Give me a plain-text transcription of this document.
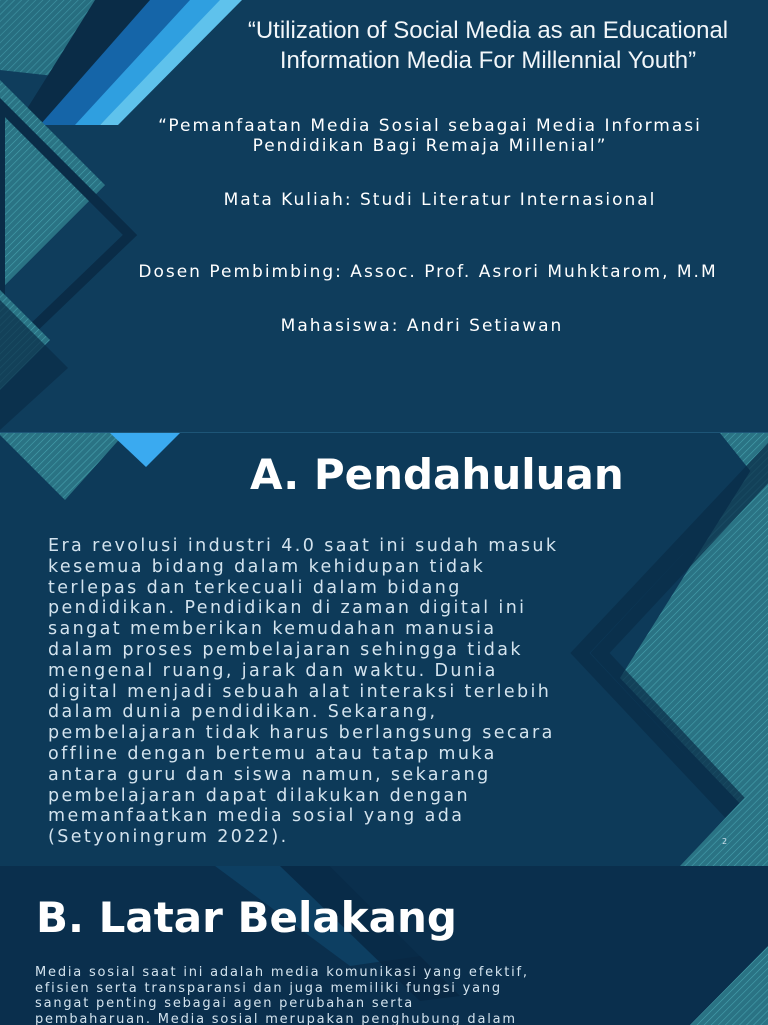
“Utilization of Social Media as an Educational Information Media For Millennial Youth”

“Pemanfaatan Media Sosial sebagai Media Informasi
Pendidikan Bagi Remaja Millenial”

Mata Kuliah: Studi Literatur Internasional

Dosen Pembimbing: Assoc. Prof. Asrori Muhktarom, M.M

Mahasiswa: Andri Setiawan

A. Pendahuluan

Era revolusi industri 4.0 saat ini sudah masuk
kesemua bidang dalam kehidupan tidak
terlepas dan terkecuali dalam bidang
pendidikan. Pendidikan di zaman digital ini
sangat memberikan kemudahan manusia
dalam proses pembelajaran sehingga tidak
mengenal ruang, jarak dan waktu. Dunia
digital menjadi sebuah alat interaksi terlebih
dalam dunia pendidikan. Sekarang,
pembelajaran tidak harus berlangsung secara
offline dengan bertemu atau tatap muka
antara guru dan siswa namun, sekarang
pembelajaran dapat dilakukan dengan
memanfaatkan media sosial yang ada
(Setyoningrum 2022).	2

B. Latar Belakang

Media sosial saat ini adalah media komunikasi yang efektif,
efisien serta transparansi dan juga memiliki fungsi yang
sangat penting sebagai agen perubahan serta
pembaharuan. Media sosial merupakan penghubung dalam
